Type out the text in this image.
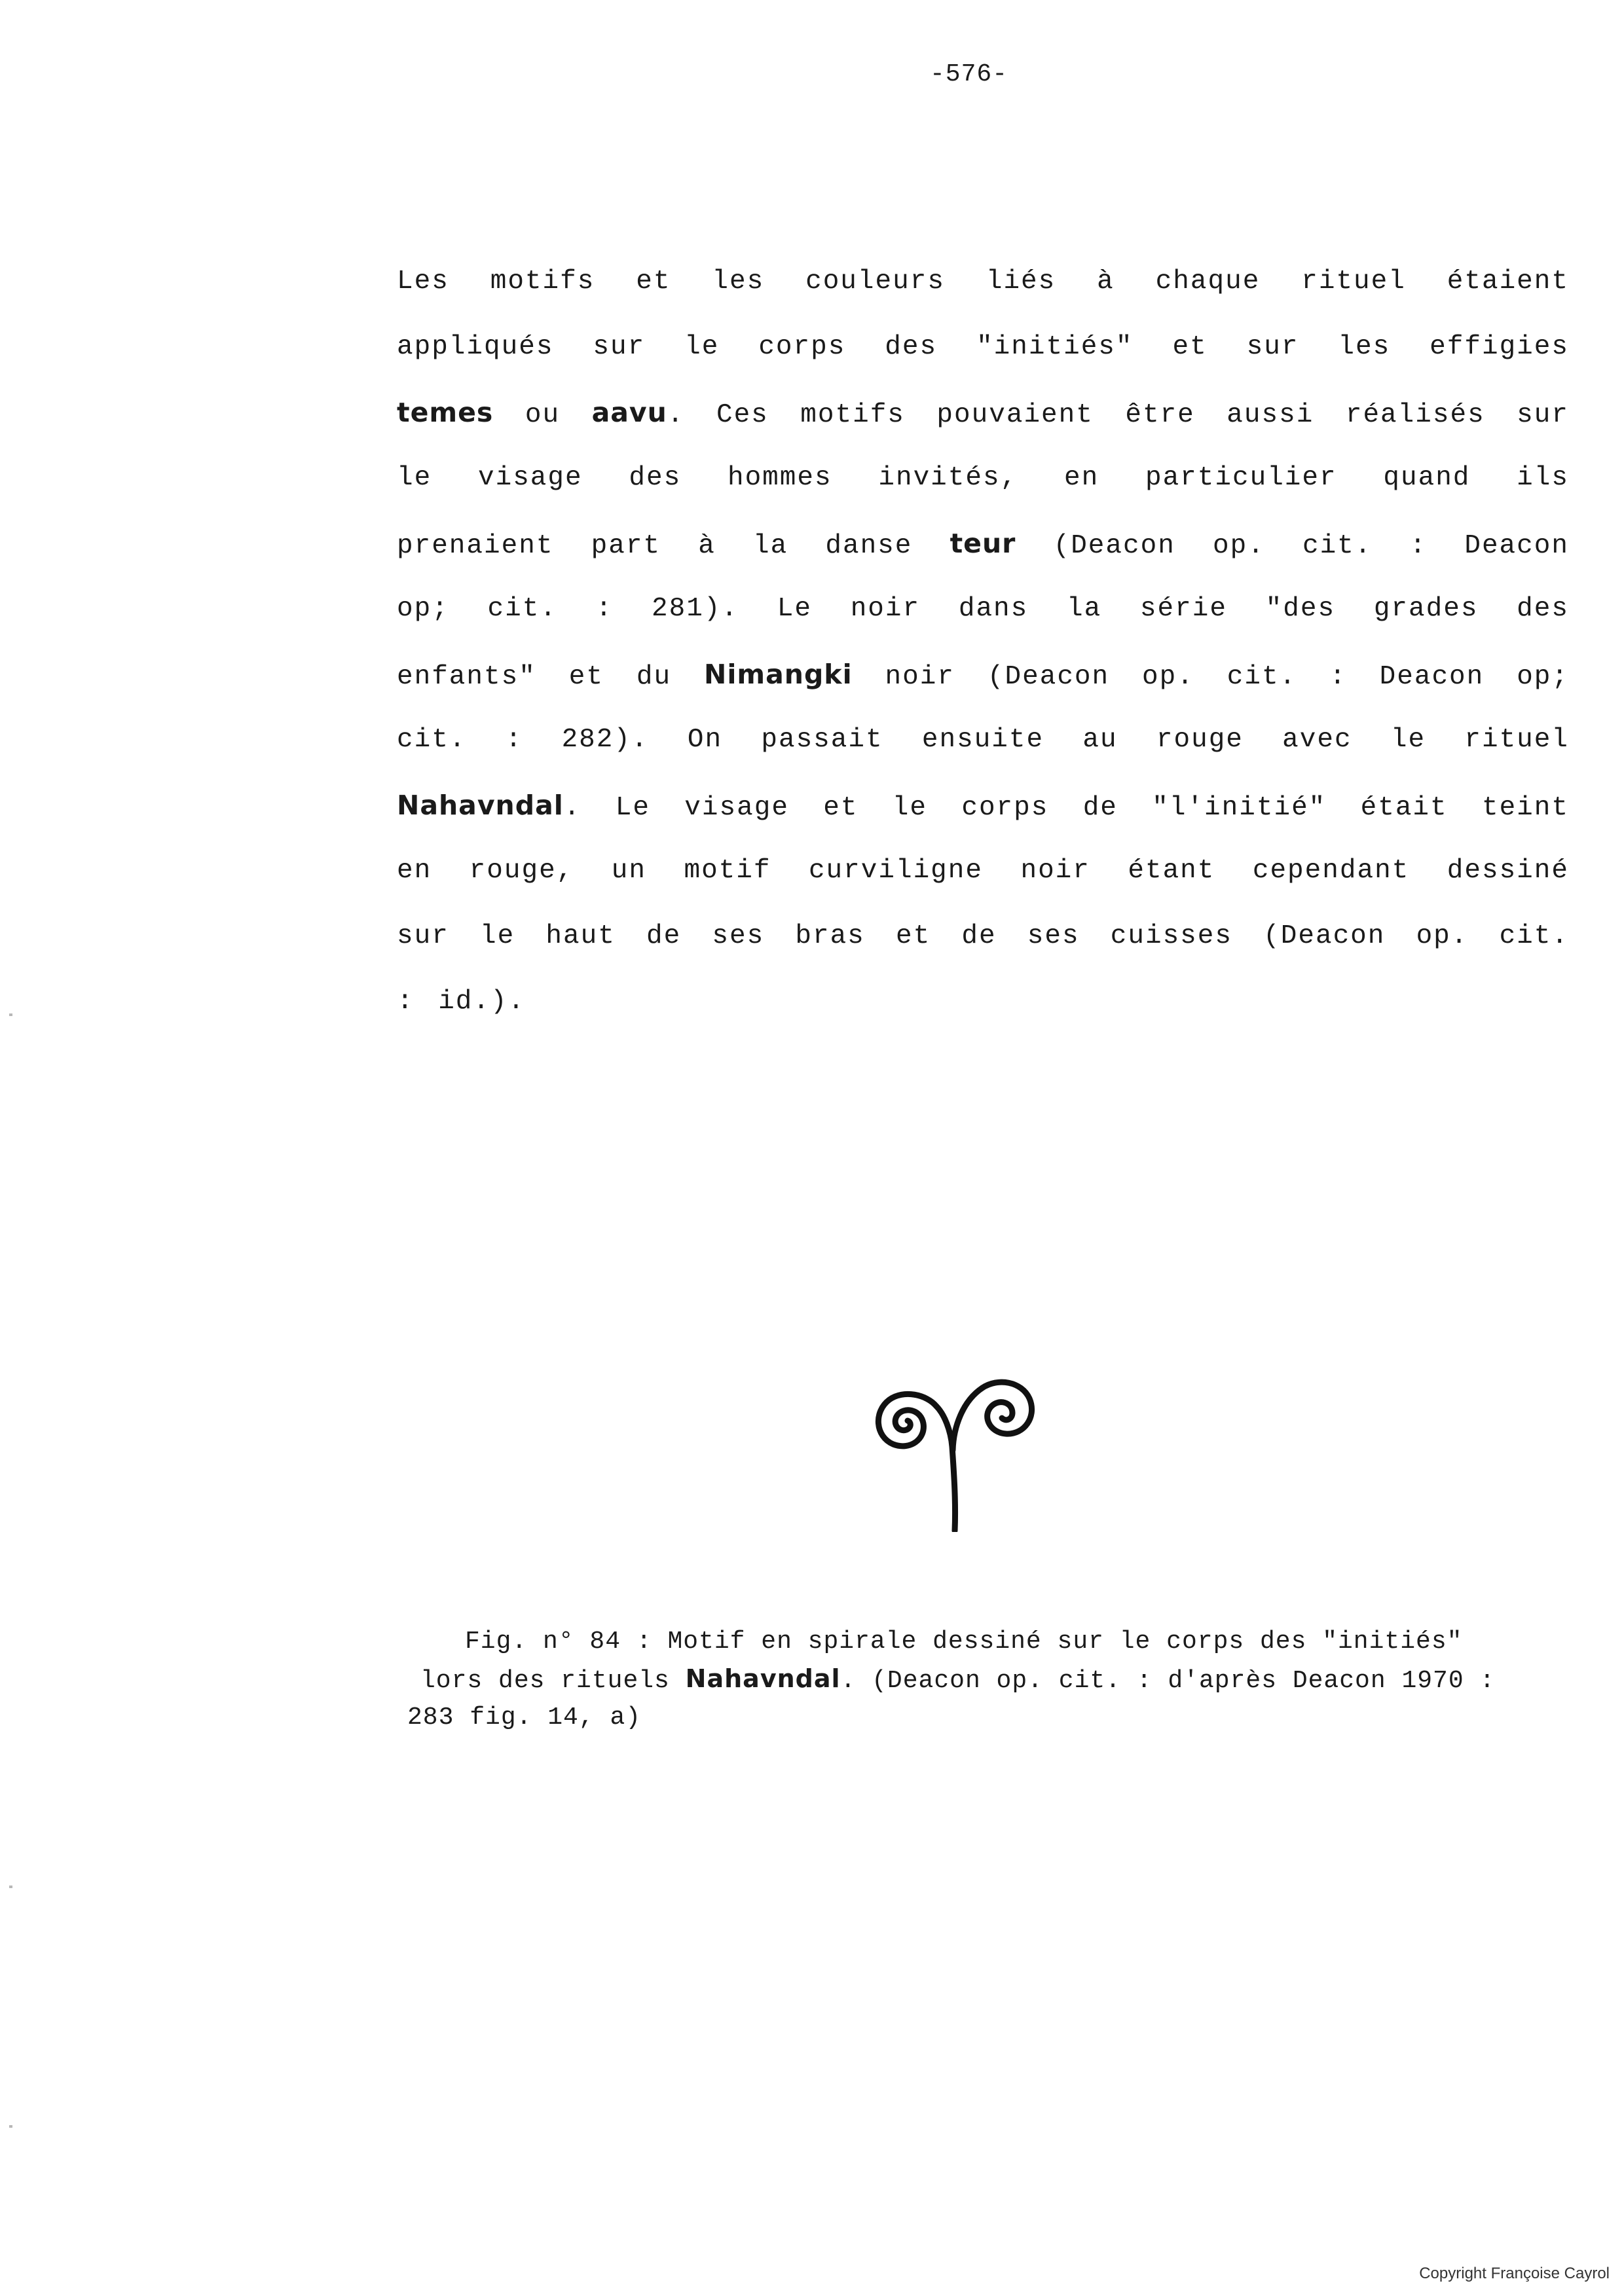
-576-
Les motifs et les couleurs liés à chaque rituel étaient
appliqués sur le corps des "initiés" et sur les effigies
temes ou aavu. Ces motifs pouvaient être aussi réalisés sur
le visage des hommes invités, en particulier quand ils
prenaient part à la danse teur (Deacon op. cit. : Deacon
op; cit. : 281). Le noir dans la série "des grades des
enfants" et du Nimangki noir (Deacon op. cit. : Deacon op;
cit. : 282). On passait ensuite au rouge avec le rituel
Nahavndal. Le visage et le corps de "l'initié" était teint
en rouge, un motif curviligne noir étant cependant dessiné
sur le haut de ses bras et de ses cuisses (Deacon op. cit.
: id.).
Fig. n° 84 : Motif en spirale dessiné sur le corps des "initiés"
lors des rituels Nahavndal. (Deacon op. cit. : d'après Deacon 1970 :
283 fig. 14, a)
Copyright Françoise Cayrol
